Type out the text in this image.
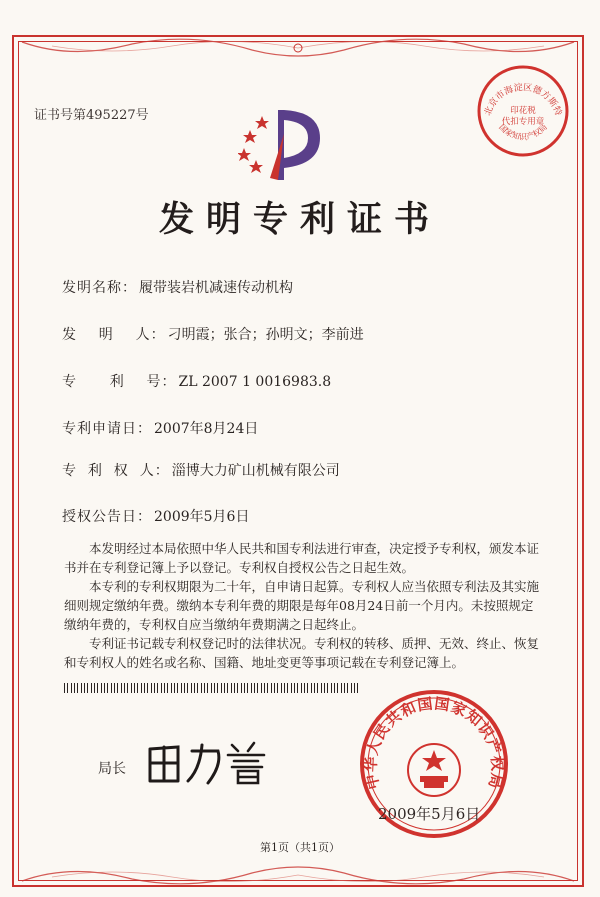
证书号第495227号	北京市海淀区德方斯特
印花税
代扣专用章
国家知识产权局
发明专利证书
发明名称： 履带装岩机减速传动机构
发    明    人： 刁明霞；张合；孙明文；李前进
专      利    号： ZL 2007 1 0016983.8
专利申请日： 2007年8月24日
专  利  权  人： 淄博大力矿山机械有限公司
授权公告日： 2009年5月6日

本发明经过本局依照中华人民共和国专利法进行审查，决定授予专利权，颁发本证书并在专利登记簿上予以登记。专利权自授权公告之日起生效。

本专利的专利权期限为二十年，自申请日起算。专利权人应当依照专利法及其实施细则规定缴纳年费。缴纳本专利年费的期限是每年08月24日前一个月内。未按照规定缴纳年费的，专利权自应当缴纳年费期满之日起终止。

专利证书记载专利权登记时的法律状况。专利权的转移、质押、无效、终止、恢复和专利权人的姓名或名称、国籍、地址变更等事项记载在专利登记簿上。

中华人民共和国国家知识产权局
局长
2009年5月6日
第1页（共1页）
